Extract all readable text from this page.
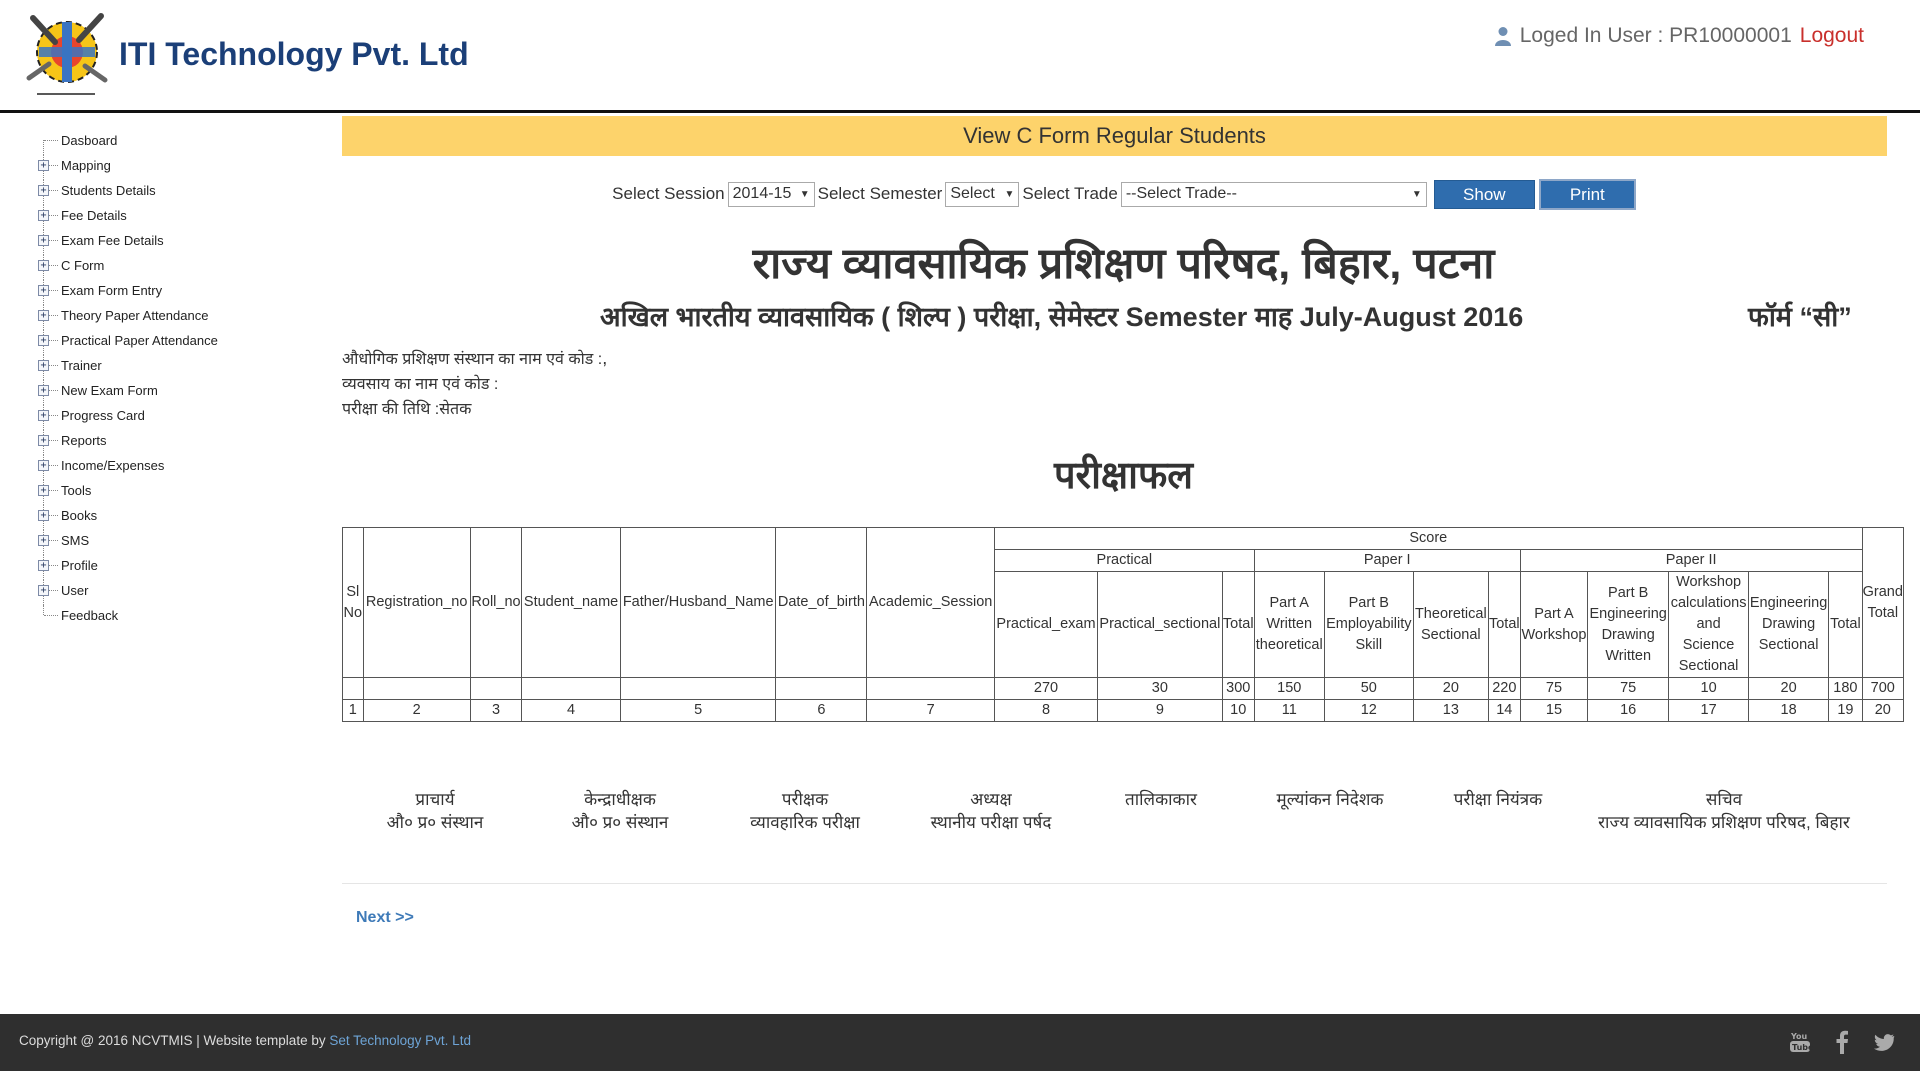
ITI Technology Pvt. Ltd
Loged In User : PR10000001 Logout
Dasboard
+ Mapping
+ Students Details
+ Fee Details
+ Exam Fee Details
+ C Form
+ Exam Form Entry
+ Theory Paper Attendance
+ Practical Paper Attendance
+ Trainer
+ New Exam Form
+ Progress Card
+ Reports
+ Income/Expenses
+ Tools
+ Books
+ SMS
+ Profile
+ User
Feedback
View C Form Regular Students
Select Session 2014-15 ▼ Select Semester Select ▼ Select Trade --Select Trade--	▼	Show	Print
राज्य व्यावसायिक प्रशिक्षण परिषद, बिहार, पटना
अखिल भारतीय व्यावसायिक ( शिल्प ) परीक्षा, सेमेस्टर Semester माह July-August 2016	फॉर्म “सी”
औधोगिक प्रशिक्षण संस्थान का नाम एवं कोड :,
व्यवसाय का नाम एवं कोड :
परीक्षा की तिथि :सेतक
परीक्षाफल
Sl No	Registration_no	Roll_no	Student_name	Father/Husband_Name	Date_of_birth	Academic_Session	Score												Grand Total
							Practical			Paper I				Paper II					
							Practical_exam	Practical_sectional	Total	Part A Written theoretical	Part B Employability Skill	Theoretical Sectional	Total	Part A Workshop	Part B Engineering Drawing Written	Workshop calculations and Science Sectional	Engineering Drawing Sectional	Total	
							270	30	300	150	50	20	220	75	75	10	20	180	700
1	2	3	4	5	6	7	8	9	10	11	12	13	14	15	16	17	18	19	20
प्राचार्य
औ० प्र० संस्थान
केन्द्राधीक्षक
औ० प्र० संस्थान
परीक्षक
व्यावहारिक परीक्षा
अध्यक्ष
स्थानीय परीक्षा पर्षद
तालिकाकार	मूल्यांकन निदेशक	परीक्षा नियंत्रक	सचिव
राज्य व्यावसायिक प्रशिक्षण परिषद, बिहार
Next >>
Copyright @ 2016 NCVTMIS | Website template by Set Technology Pvt. Ltd	You
Tube
